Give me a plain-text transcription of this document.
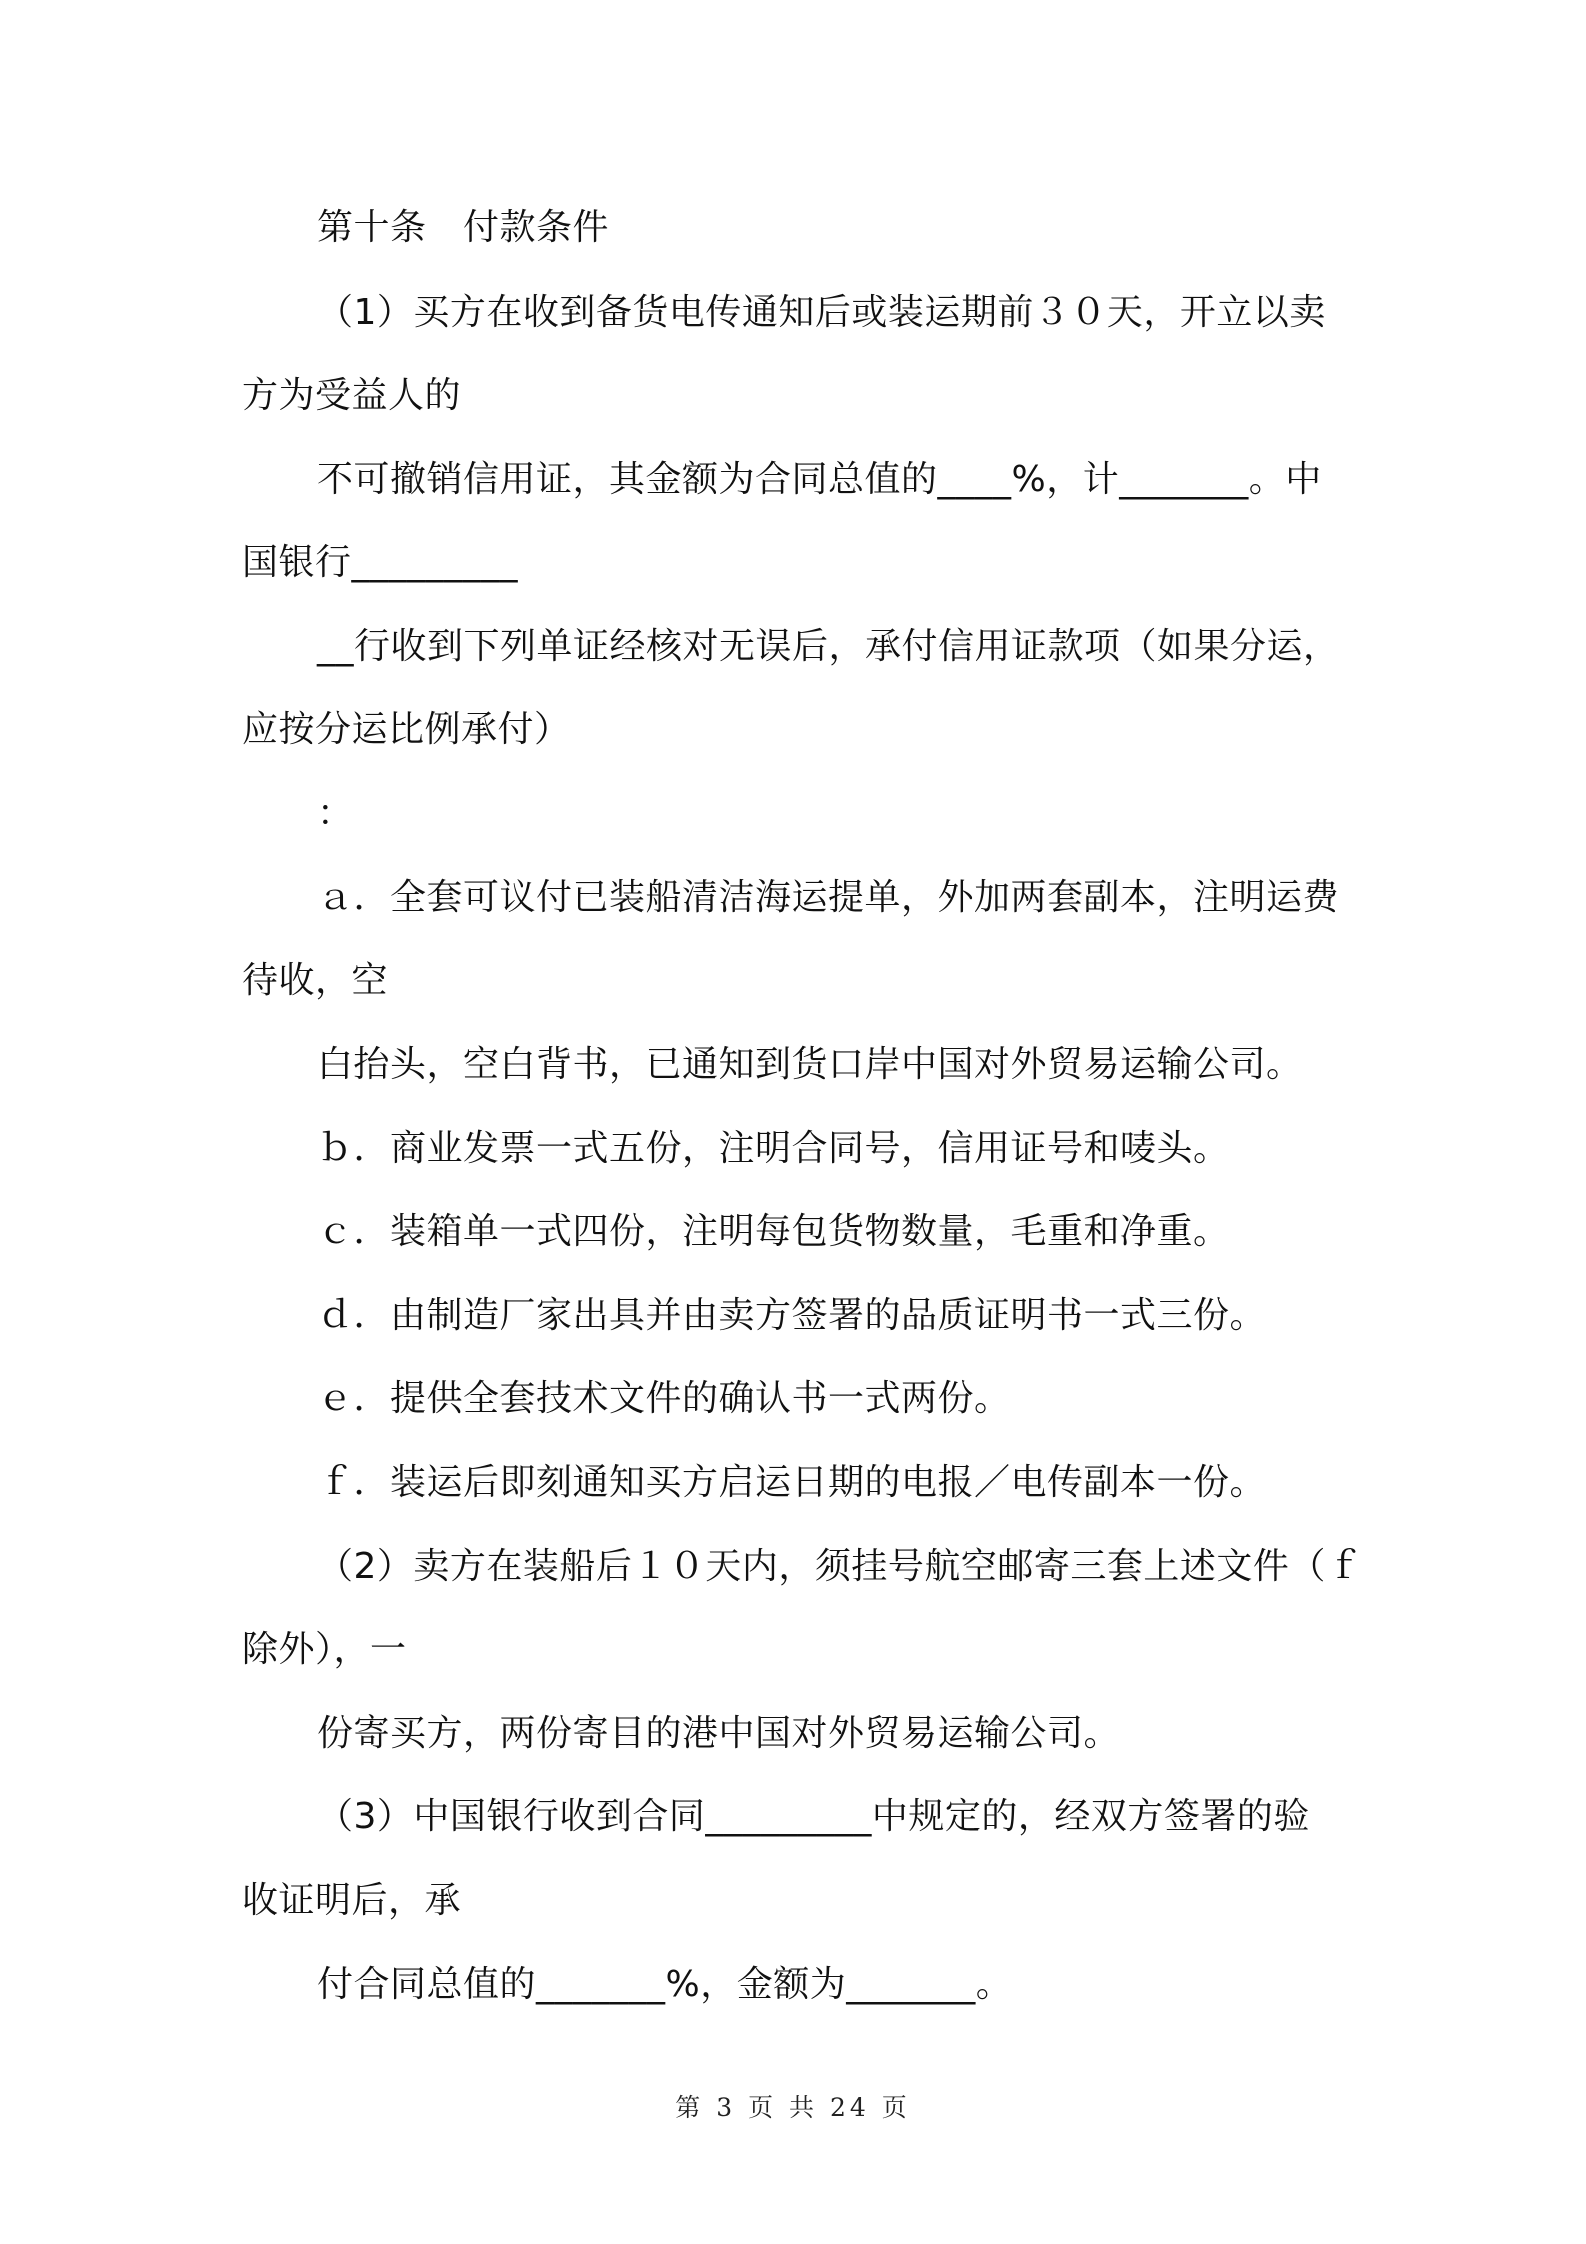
第十条　付款条件
（1）买方在收到备货电传通知后或装运期前３０天，开立以卖
方为受益人的
不可撤销信用证，其金额为合同总值的____%，计_______。中
国银行_________
__行收到下列单证经核对无误后，承付信用证款项（如果分运，
应按分运比例承付）
：
ａ．全套可议付已装船清洁海运提单，外加两套副本，注明运费
待收，空
白抬头，空白背书，已通知到货口岸中国对外贸易运输公司。
ｂ．商业发票一式五份，注明合同号，信用证号和唛头。
ｃ．装箱单一式四份，注明每包货物数量，毛重和净重。
ｄ．由制造厂家出具并由卖方签署的品质证明书一式三份。
ｅ．提供全套技术文件的确认书一式两份。
ｆ．装运后即刻通知买方启运日期的电报／电传副本一份。
（2）卖方在装船后１０天内，须挂号航空邮寄三套上述文件（ｆ
除外），一
份寄买方，两份寄目的港中国对外贸易运输公司。
（3）中国银行收到合同_________中规定的，经双方签署的验
收证明后，承
付合同总值的_______%，金额为_______。
第 3 页 共 24 页
